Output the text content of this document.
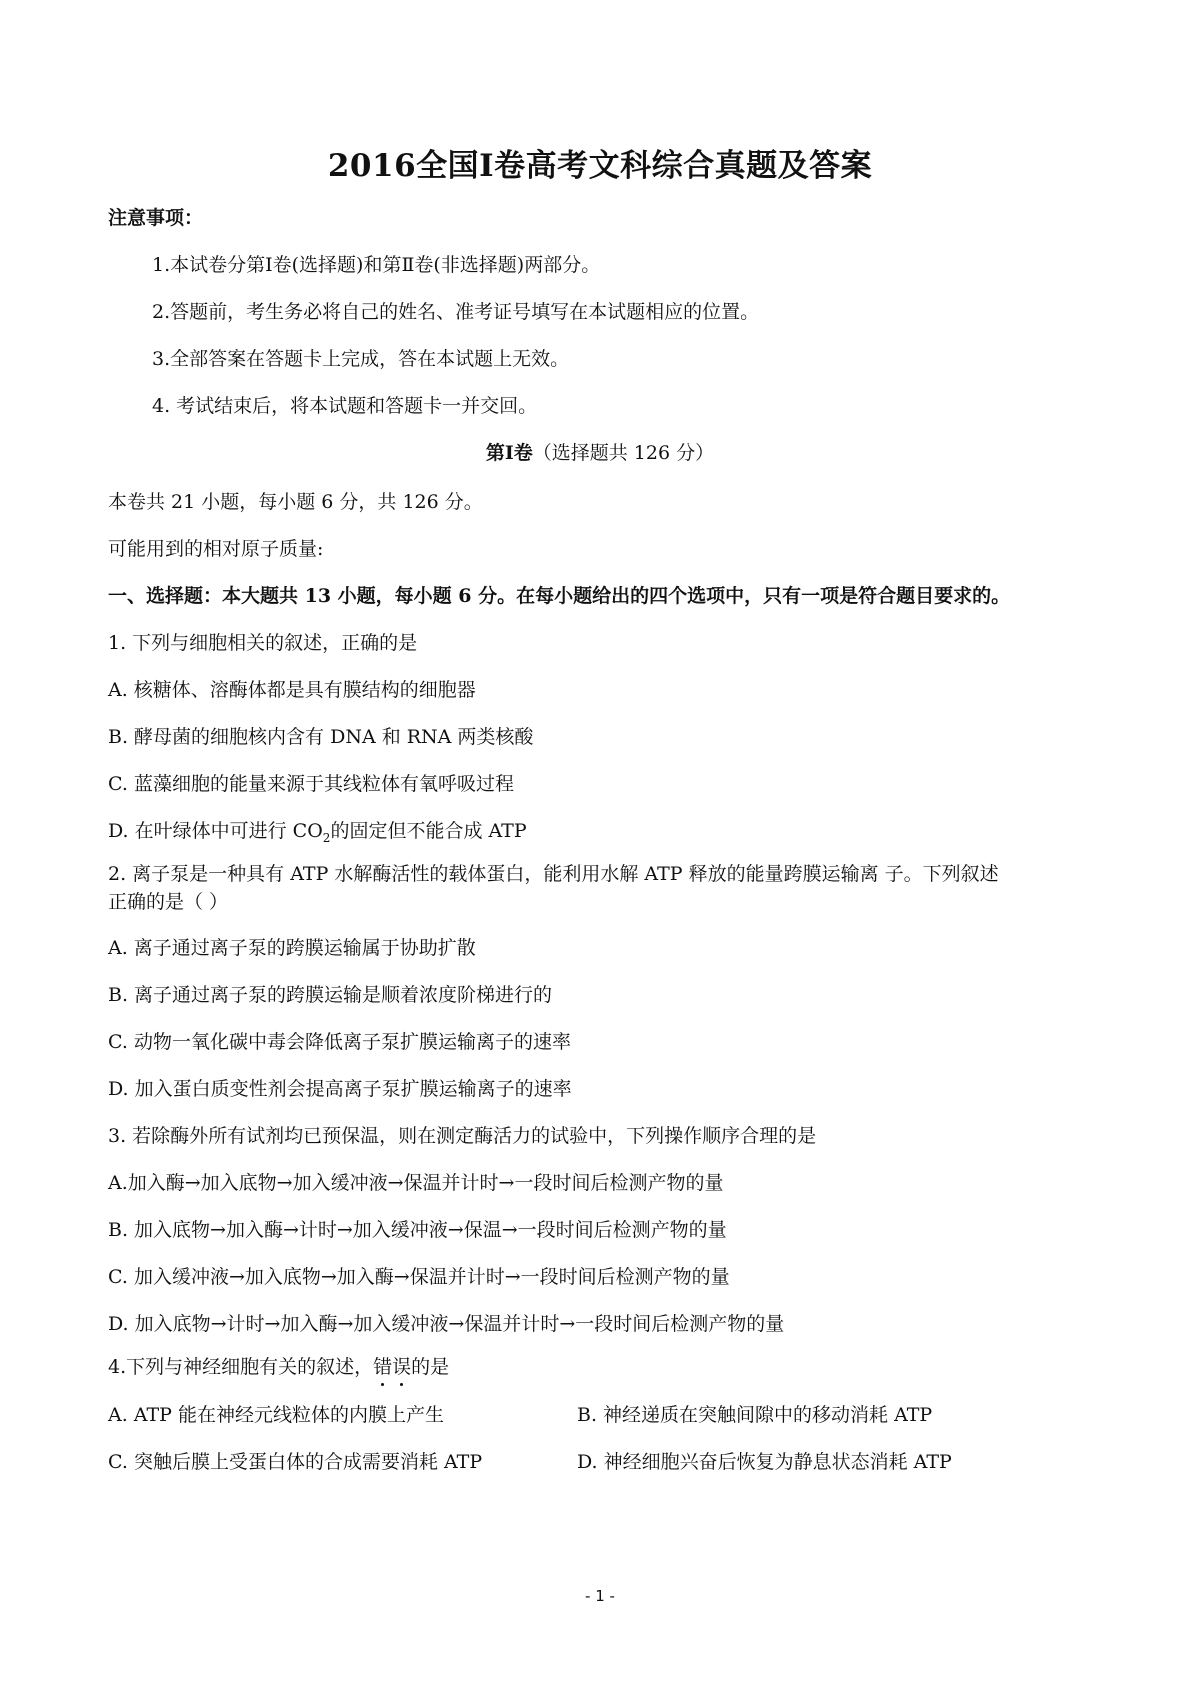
2016全国Ⅰ卷高考文科综合真题及答案
注意事项：
1.本试卷分第Ⅰ卷(选择题)和第Ⅱ卷(非选择题)两部分。
2.答题前，考生务必将自己的姓名、准考证号填写在本试题相应的位置。
3.全部答案在答题卡上完成，答在本试题上无效。
4. 考试结束后，将本试题和答题卡一并交回。
第Ⅰ卷（选择题共 126 分）
本卷共 21 小题，每小题 6 分，共 126 分。
可能用到的相对原子质量:
一、选择题：本大题共 13 小题，每小题 6 分。在每小题给出的四个选项中，只有一项是符合题目要求的。
1. 下列与细胞相关的叙述，正确的是
A. 核糖体、溶酶体都是具有膜结构的细胞器
B. 酵母菌的细胞核内含有 DNA 和 RNA 两类核酸
C. 蓝藻细胞的能量来源于其线粒体有氧呼吸过程
D. 在叶绿体中可进行 $CO_2$的固定但不能合成 ATP
2. 离子泵是一种具有 ATP 水解酶活性的载体蛋白，能利用水解 ATP 释放的能量跨膜运输离 子。下列叙述
正确的是（ ）
A. 离子通过离子泵的跨膜运输属于协助扩散
B. 离子通过离子泵的跨膜运输是顺着浓度阶梯进行的
C. 动物一氧化碳中毒会降低离子泵扩膜运输离子的速率
D. 加入蛋白质变性剂会提高离子泵扩膜运输离子的速率
3. 若除酶外所有试剂均已预保温，则在测定酶活力的试验中，下列操作顺序合理的是
A.加入酶→加入底物→加入缓冲液→保温并计时→一段时间后检测产物的量
B. 加入底物→加入酶→计时→加入缓冲液→保温→一段时间后检测产物的量
C. 加入缓冲液→加入底物→加入酶→保温并计时→一段时间后检测产物的量
D. 加入底物→计时→加入酶→加入缓冲液→保温并计时→一段时间后检测产物的量
4.下列与神经细胞有关的叙述，错误的是
A. ATP 能在神经元线粒体的内膜上产生	B. 神经递质在突触间隙中的移动消耗 ATP
C. 突触后膜上受蛋白体的合成需要消耗 ATP	D. 神经细胞兴奋后恢复为静息状态消耗 ATP
- 1 -
